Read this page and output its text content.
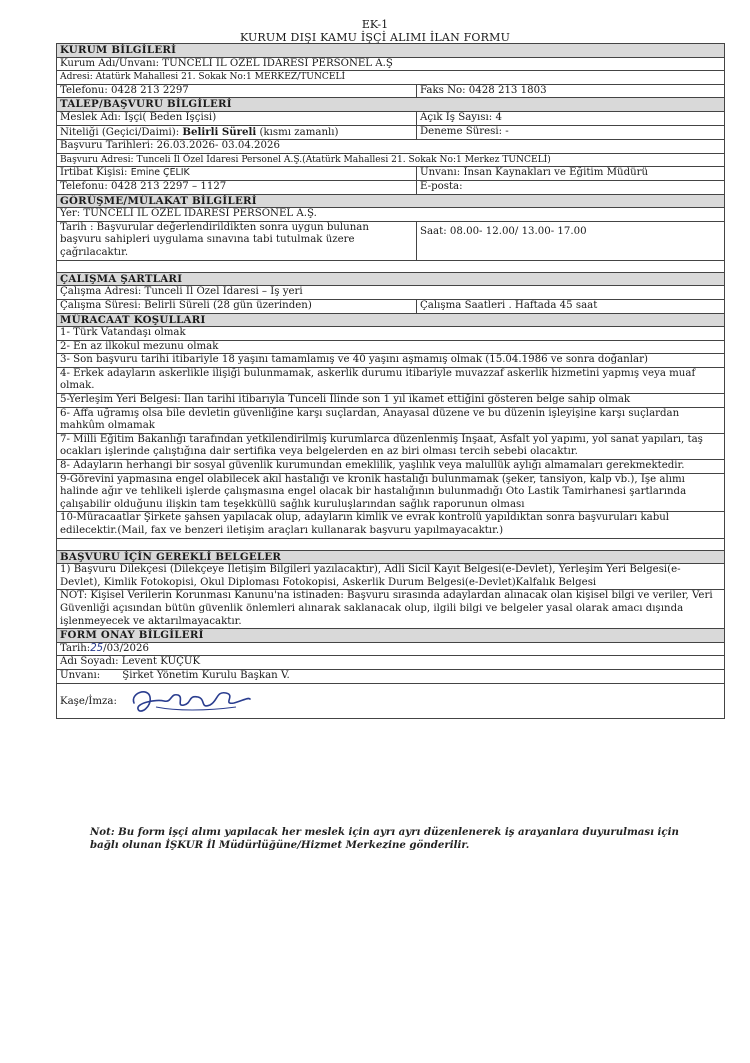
EK-1
KURUM DIŞI KAMU İŞÇİ ALIMI İLAN FORMU
KURUM BİLGİLERİ	
Kurum Adı/Unvanı: TUNCELİ İL ÖZEL İDARESİ PERSONEL A.Ş	
Adresi: Atatürk Mahallesi 21. Sokak No:1 MERKEZ/TUNCELİ	
Telefonu: 0428 213 2297	Faks No: 0428 213 1803
TALEP/BAŞVURU BİLGİLERİ	
Meslek Adı: İşçi( Beden İşçisi)	Açık İş Sayısı: 4
Niteliği (Geçici/Daimi): Belirli Süreli (kısmı zamanlı)	Deneme Süresi: -
Başvuru Tarihleri: 26.03.2026- 03.04.2026	
Başvuru Adresi: Tunceli İl Özel İdaresi Personel A.Ş.(Atatürk Mahallesi 21. Sokak No:1 Merkez TUNCELİ)	
İrtibat Kişisi: Emine ÇELİK	Unvanı: İnsan Kaynakları ve Eğitim Müdürü
Telefonu: 0428 213 2297 – 1127	E-posta:
GÖRÜŞME/MÜLAKAT BİLGİLERİ	
Yer: TUNCELİ İL ÖZEL İDARESİ PERSONEL A.Ş.	
Tarih : Başvurular değerlendirildikten sonra uygun bulunan başvuru sahipleri uygulama sınavına tabi tutulmak üzere çağrılacaktır.	Saat: 08.00- 12.00/ 13.00- 17.00

ÇALIŞMA ŞARTLARI	
Çalışma Adresi: Tunceli İl Özel İdaresi – İş yeri	
Çalışma Süresi: Belirli Süreli (28 gün üzerinden)	Çalışma Saatleri . Haftada 45 saat
MÜRACAAT KOŞULLARI	
1- Türk Vatandaşı olmak	
2- En az ilkokul mezunu olmak	
3- Son başvuru tarihi itibariyle 18 yaşını tamamlamış ve 40 yaşını aşmamış olmak (15.04.1986 ve sonra doğanlar)	
4- Erkek adayların askerlikle ilişiği bulunmamak, askerlik durumu itibariyle muvazzaf askerlik hizmetini yapmış veya muaf olmak.	
5-Yerleşim Yeri Belgesi: İlan tarihi itibarıyla Tunceli İlinde son 1 yıl ikamet ettiğini gösteren belge sahip olmak	
6- Affa uğramış olsa bile devletin güvenliğine karşı suçlardan, Anayasal düzene ve bu düzenin işleyişine karşı suçlardan mahkûm olmamak	
7- Milli Eğitim Bakanlığı tarafından yetkilendirilmiş kurumlarca düzenlenmiş İnşaat, Asfalt yol yapımı, yol sanat yapıları, taş ocakları işlerinde çalıştığına dair sertifika veya belgelerden en az biri olması tercih sebebi olacaktır.	
8- Adayların herhangi bir sosyal güvenlik kurumundan emeklilik, yaşlılık veya malullük aylığı almamaları gerekmektedir.	
9-Görevini yapmasına engel olabilecek akıl hastalığı ve kronik hastalığı bulunmamak (şeker, tansiyon, kalp vb.), İşe alımı halinde ağır ve tehlikeli işlerde çalışmasına engel olacak bir hastalığının bulunmadığı Oto Lastik Tamirhanesi şartlarında çalışabilir olduğunu ilişkin tam teşekküllü sağlık kuruluşlarından sağlık raporunun olması	
10-Müracaatlar Şirkete şahsen yapılacak olup, adayların kimlik ve evrak kontrolü yapıldıktan sonra başvuruları kabul edilecektir.(Mail, fax ve benzeri iletişim araçları kullanarak başvuru yapılmayacaktır.)	

BAŞVURU İÇİN GEREKLİ BELGELER	
1) Başvuru Dilekçesi (Dilekçeye İletişim Bilgileri yazılacaktır), Adli Sicil Kayıt Belgesi(e-Devlet), Yerleşim Yeri Belgesi(e-Devlet), Kimlik Fotokopisi, Okul Diploması Fotokopisi, Askerlik Durum Belgesi(e-Devlet)Kalfalık Belgesi	
NOT: Kişisel Verilerin Korunması Kanunu'na istinaden: Başvuru sırasında adaylardan alınacak olan kişisel bilgi ve veriler, Veri Güvenliği açısından bütün güvenlik önlemleri alınarak saklanacak olup, ilgili bilgi ve belgeler yasal olarak amacı dışında işlenmeyecek ve aktarılmayacaktır.	
FORM ONAY BİLGİLERİ	
Tarih:25/03/2026	
Adı Soyadı: Levent KÜÇÜK	
Unvanı: Şirket Yönetim Kurulu Başkan V.	
Kaşe/İmza:	
Not: Bu form işçi alımı yapılacak her meslek için ayrı ayrı düzenlenerek iş arayanlara duyurulması için bağlı olunan İŞKUR İl Müdürlüğüne/Hizmet Merkezine gönderilir.
